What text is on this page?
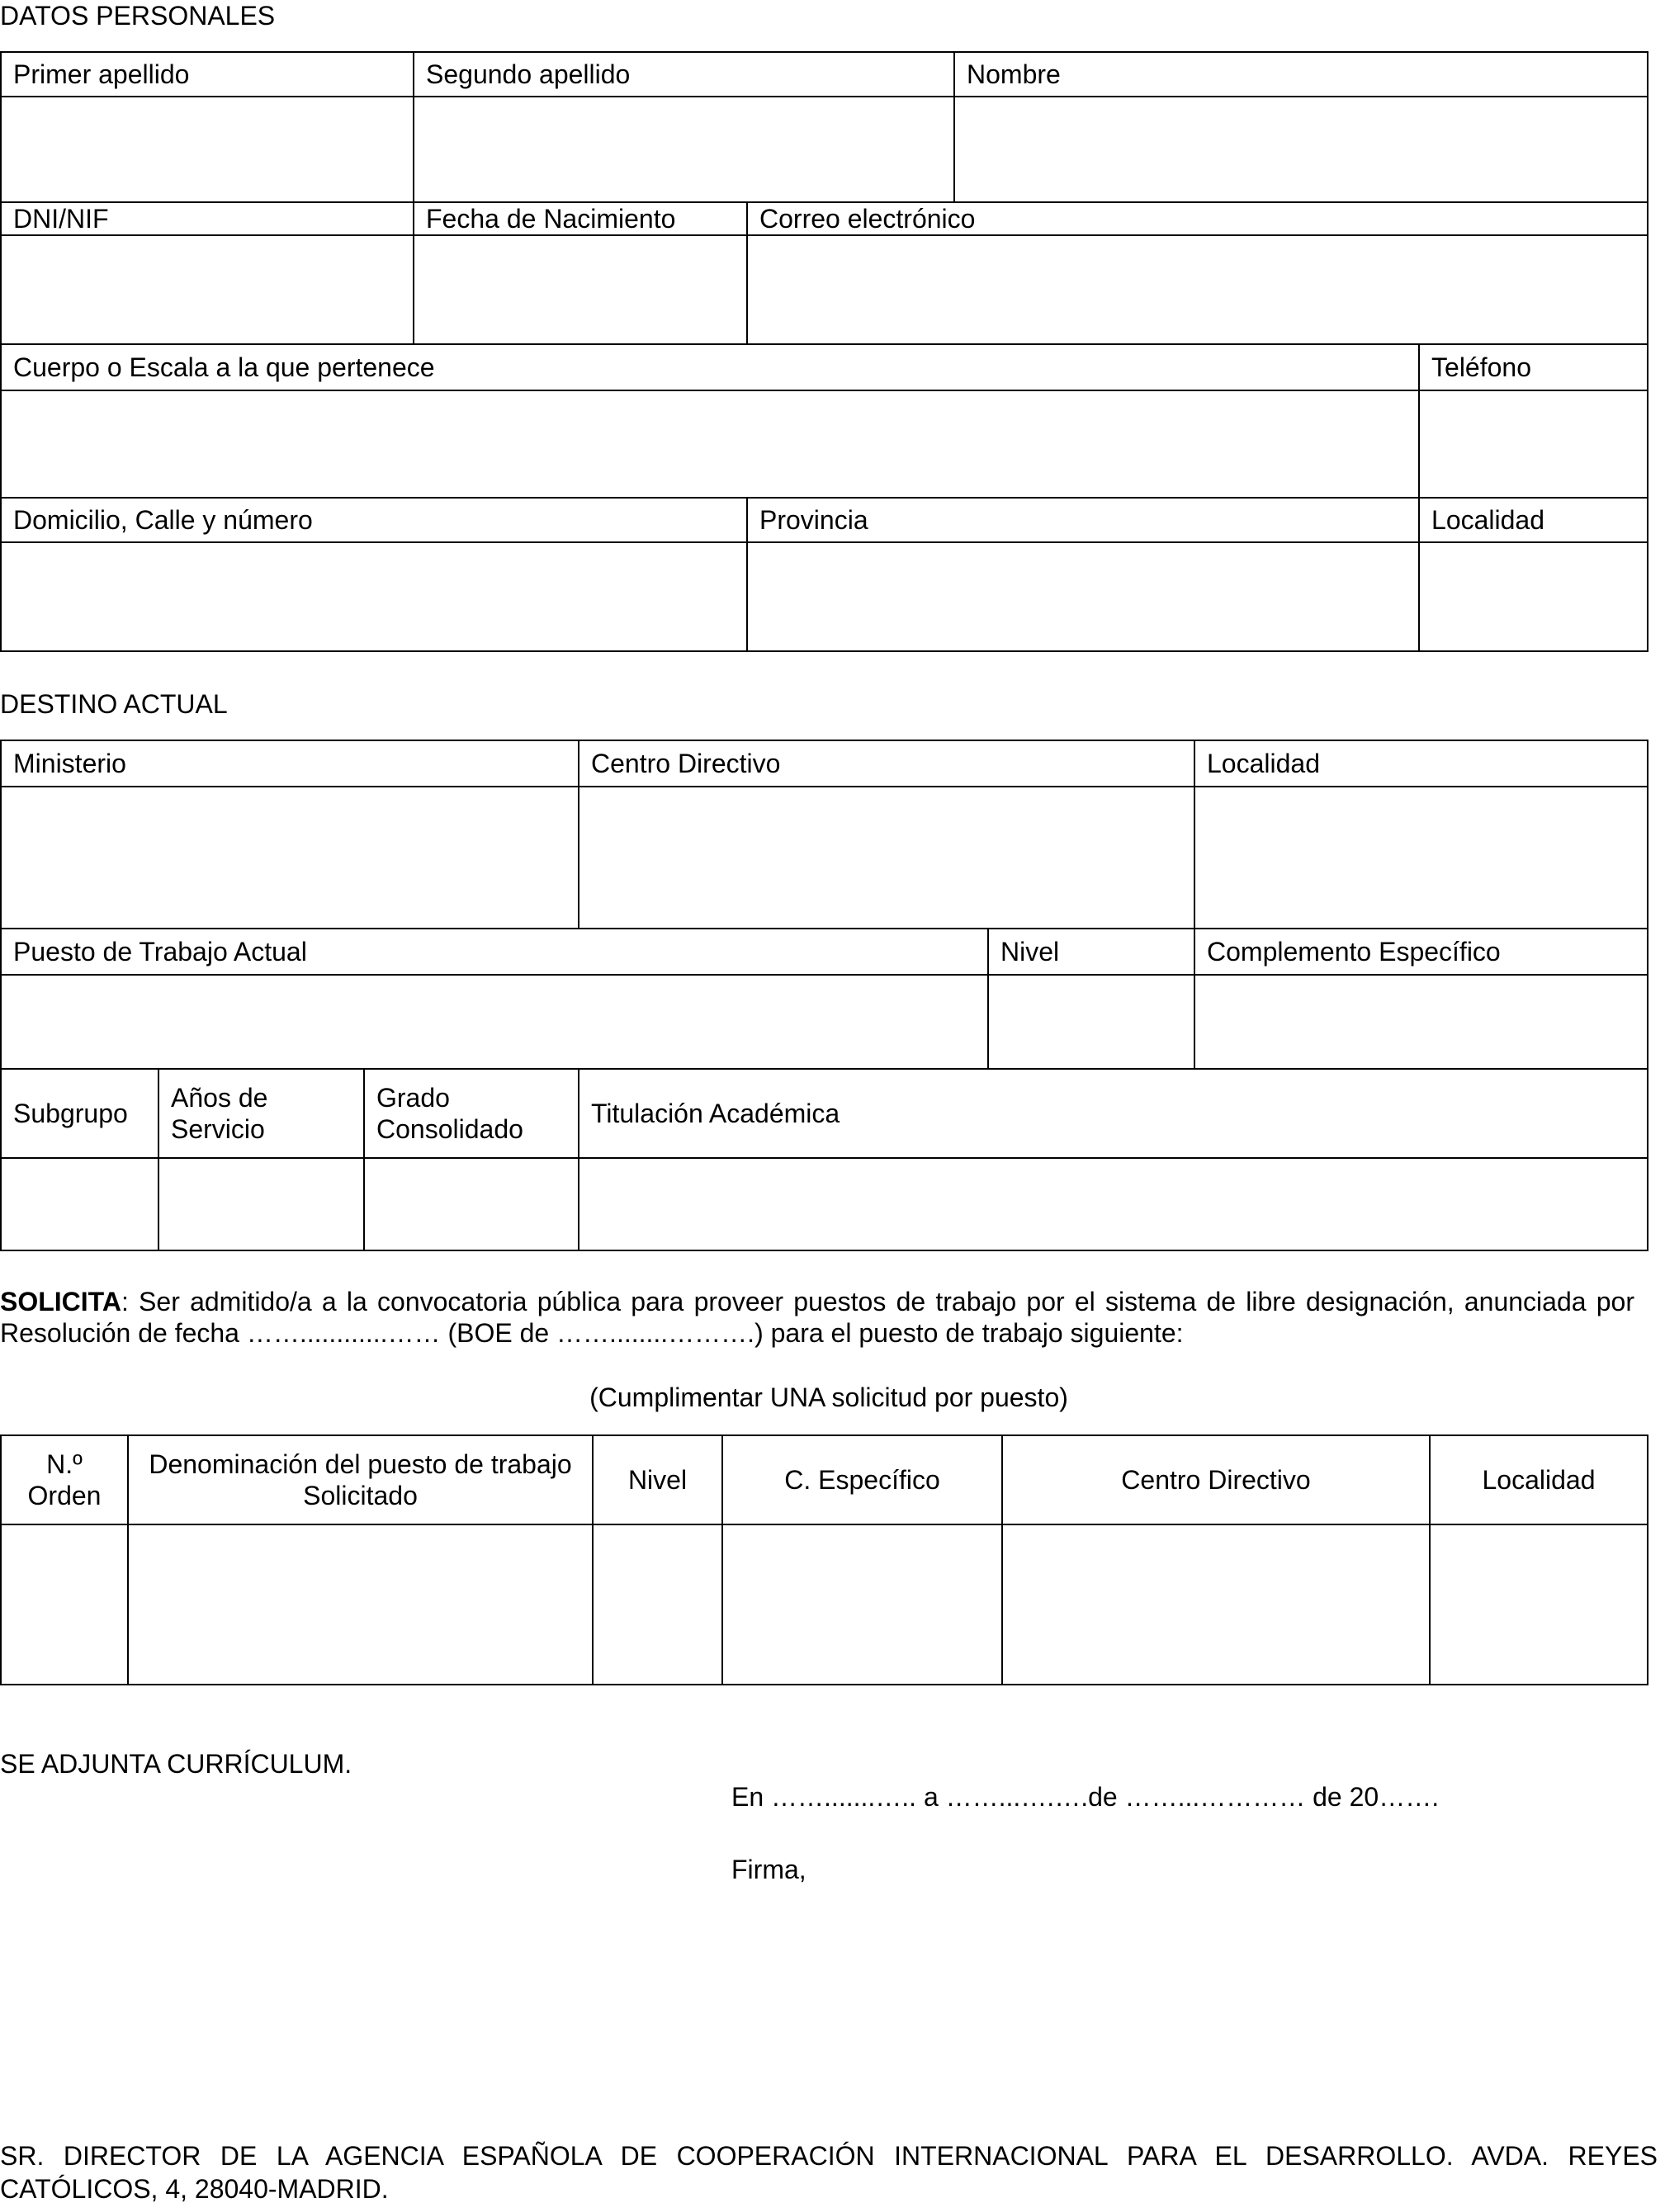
DATOS PERSONALES
Primer apellido	Segundo apellido		Nombre	

DNI/NIF	Fecha de Nacimiento	Correo electrónico		

Cuerpo o Escala a la que pertenece				Teléfono

Domicilio, Calle y número		Provincia		Localidad

DESTINO ACTUAL
Ministerio			Centro Directivo		Localidad

Puesto de Trabajo Actual				Nivel	Complemento Específico

Subgrupo	Años de Servicio	Grado Consolidado	Titulación Académica		

SOLICITA: Ser admitido/a a la convocatoria pública para proveer puestos de trabajo por el sistema de libre designación, anunciada por Resolución de fecha ……............…… (BOE de ……........……….) para el puesto de trabajo siguiente:
(Cumplimentar UNA solicitud por puesto)
N.º Orden	Denominación del puesto de trabajo Solicitado	Nivel	C. Específico	Centro Directivo	Localidad

SE ADJUNTA CURRÍCULUM.
En …….......….. a ……...….….de ……...………… de 20…….
Firma,
SR. DIRECTOR DE LA AGENCIA ESPAÑOLA DE COOPERACIÓN INTERNACIONAL PARA EL DESARROLLO. AVDA. REYES CATÓLICOS, 4, 28040-MADRID.
